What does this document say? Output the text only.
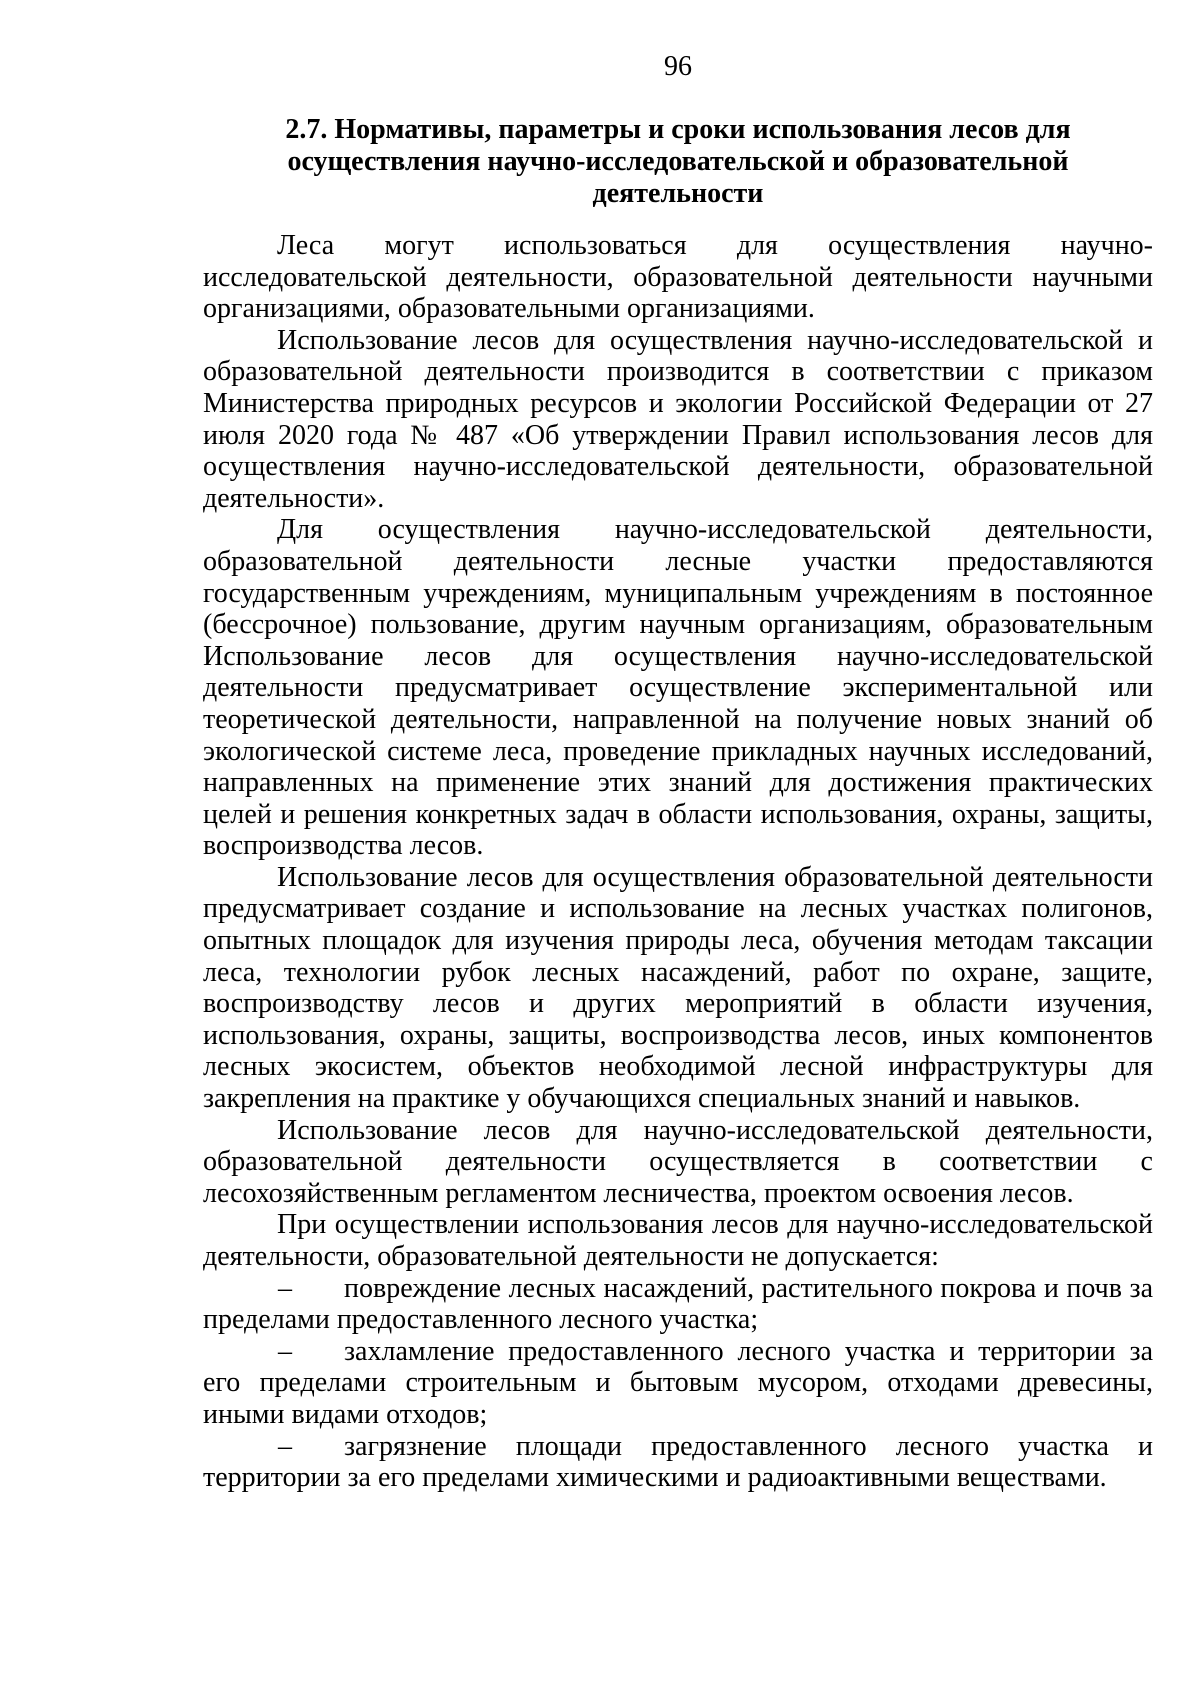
96
2.7. Нормативы, параметры и сроки использования лесов для осуществления научно-исследовательской и образовательной деятельности

Леса могут использоваться для осуществления научно-исследовательской деятельности, образовательной деятельности научными организациями, образовательными организациями.

Использование лесов для осуществления научно-исследовательской и образовательной деятельности производится в соответствии с приказом Министерства природных ресурсов и экологии Российской Федерации от 27 июля 2020 года № 487 «Об утверждении Правил использования лесов для осуществления научно-исследовательской деятельности, образовательной деятельности».

Для осуществления научно-исследовательской деятельности, образовательной деятельности лесные участки предоставляются государственным учреждениям, муниципальным учреждениям в постоянное (бессрочное) пользование, другим научным организациям, образовательным Использование лесов для осуществления научно-исследовательской деятельности предусматривает осуществление экспериментальной или теоретической деятельности, направленной на получение новых знаний об экологической системе леса, проведение прикладных научных исследований, направленных на применение этих знаний для достижения практических целей и решения конкретных задач в области использования, охраны, защиты, воспроизводства лесов.

Использование лесов для осуществления образовательной деятельности предусматривает создание и использование на лесных участках полигонов, опытных площадок для изучения природы леса, обучения методам таксации леса, технологии рубок лесных насаждений, работ по охране, защите, воспроизводству лесов и других мероприятий в области изучения, использования, охраны, защиты, воспроизводства лесов, иных компонентов лесных экосистем, объектов необходимой лесной инфраструктуры для закрепления на практике у обучающихся специальных знаний и навыков.

Использование лесов для научно-исследовательской деятельности, образовательной деятельности осуществляется в соответствии с лесохозяйственным регламентом лесничества, проектом освоения лесов.

При осуществлении использования лесов для научно-исследовательской деятельности, образовательной деятельности не допускается:

– повреждение лесных насаждений, растительного покрова и почв за пределами предоставленного лесного участка;

– захламление предоставленного лесного участка и территории за его пределами строительным и бытовым мусором, отходами древесины, иными видами отходов;

– загрязнение площади предоставленного лесного участка и территории за его пределами химическими и радиоактивными веществами.
